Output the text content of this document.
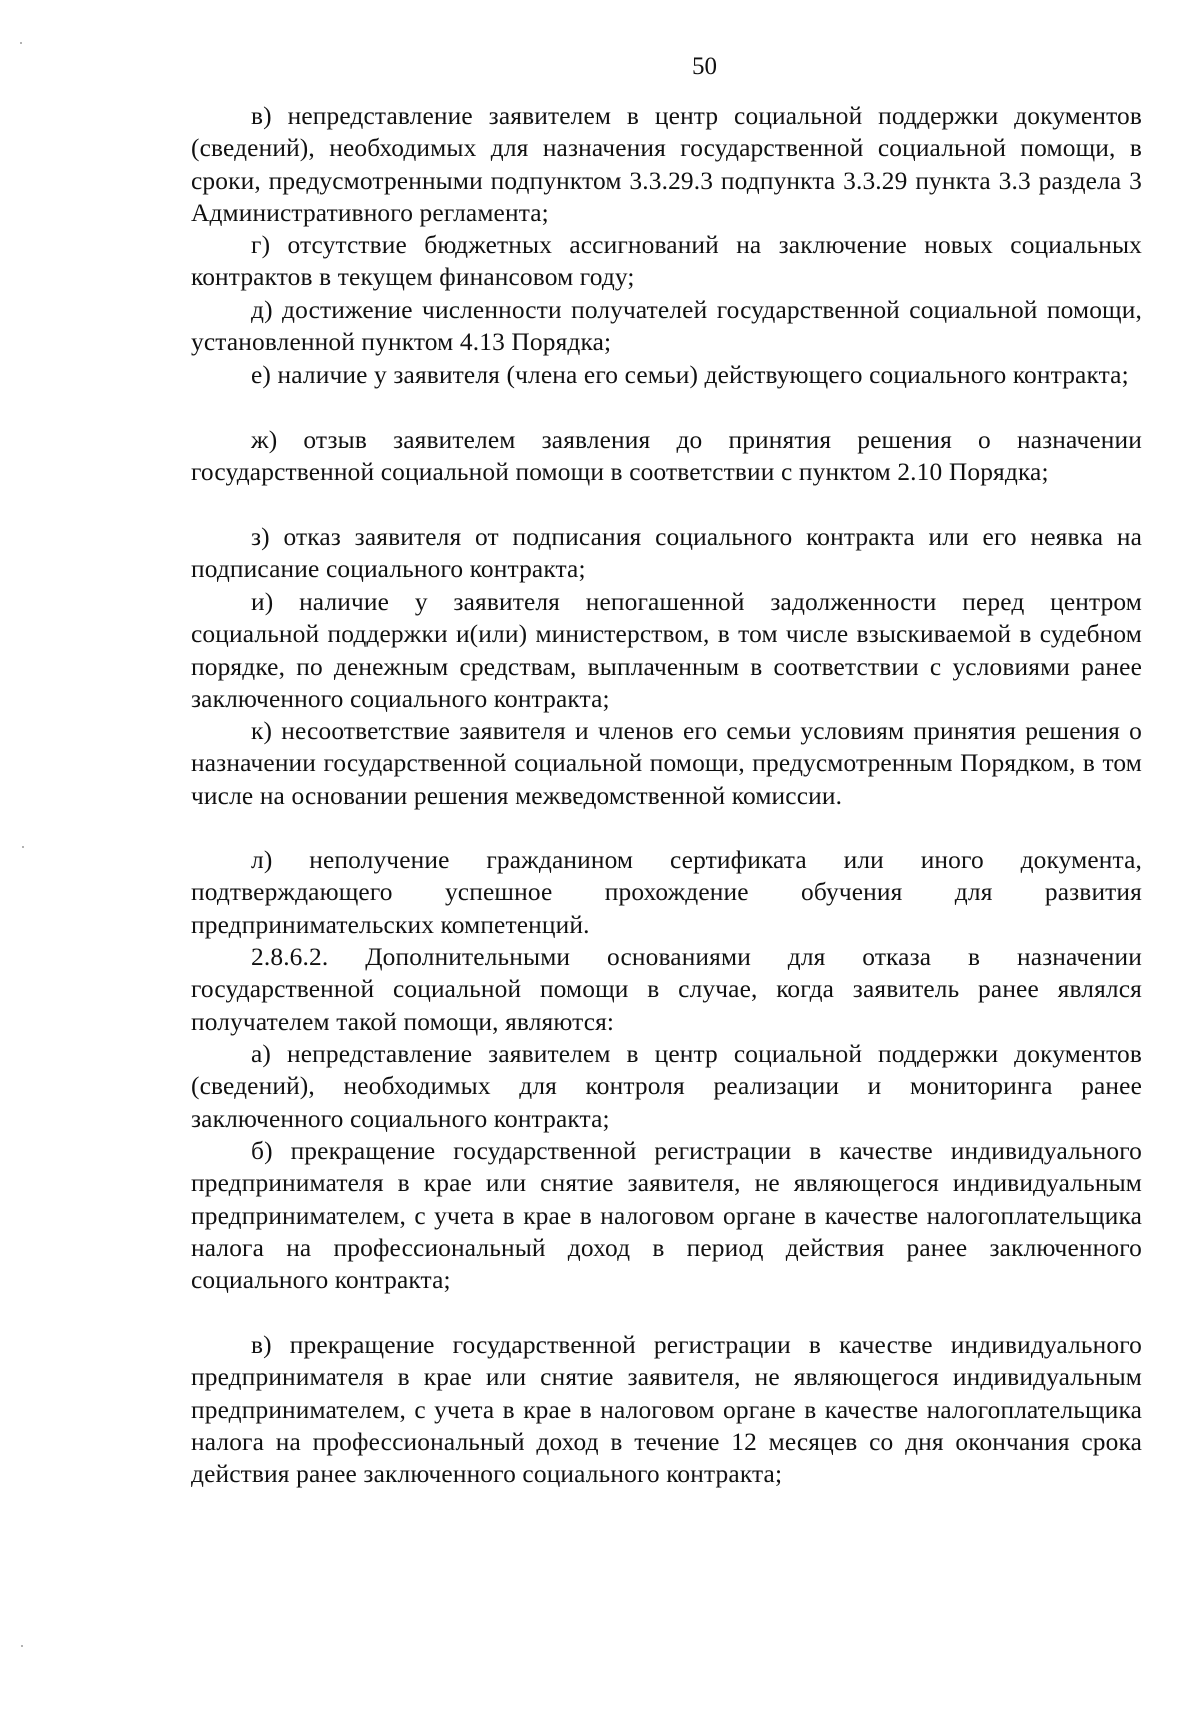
50

в) непредставление заявителем в центр социальной поддержки документов (сведений), необходимых для назначения государственной социальной помощи, в сроки, предусмотренными подпунктом 3.3.29.3 подпункта 3.3.29 пункта 3.3 раздела 3 Административного регламента;

г) отсутствие бюджетных ассигнований на заключение новых социальных контрактов в текущем финансовом году;

д) достижение численности получателей государственной социальной помощи, установленной пунктом 4.13 Порядка;

е) наличие у заявителя (члена его семьи) действующего социального контракта;

ж) отзыв заявителем заявления до принятия решения о назначении государственной социальной помощи в соответствии с пунктом 2.10 Порядка;

з) отказ заявителя от подписания социального контракта или его неявка на подписание социального контракта;

и) наличие у заявителя непогашенной задолженности перед центром социальной поддержки и(или) министерством, в том числе взыскиваемой в судебном порядке, по денежным средствам, выплаченным в соответствии с условиями ранее заключенного социального контракта;

к) несоответствие заявителя и членов его семьи условиям принятия решения о назначении государственной социальной помощи, предусмотренным Порядком, в том числе на основании решения межведомственной комиссии.

л) неполучение гражданином сертификата или иного документа, подтверждающего успешное прохождение обучения для развития предпринимательских компетенций.

2.8.6.2. Дополнительными основаниями для отказа в назначении государственной социальной помощи в случае, когда заявитель ранее являлся получателем такой помощи, являются:

а) непредставление заявителем в центр социальной поддержки документов (сведений), необходимых для контроля реализации и мониторинга ранее заключенного социального контракта;

б) прекращение государственной регистрации в качестве индивидуального предпринимателя в крае или снятие заявителя, не являющегося индивидуальным предпринимателем, с учета в крае в налоговом органе в качестве налогоплательщика налога на профессиональный доход в период действия ранее заключенного социального контракта;

в) прекращение государственной регистрации в качестве индивидуального предпринимателя в крае или снятие заявителя, не являющегося индивидуальным предпринимателем, с учета в крае в налоговом органе в качестве налогоплательщика налога на профессиональный доход в течение 12 месяцев со дня окончания срока действия ранее заключенного социального контракта;
